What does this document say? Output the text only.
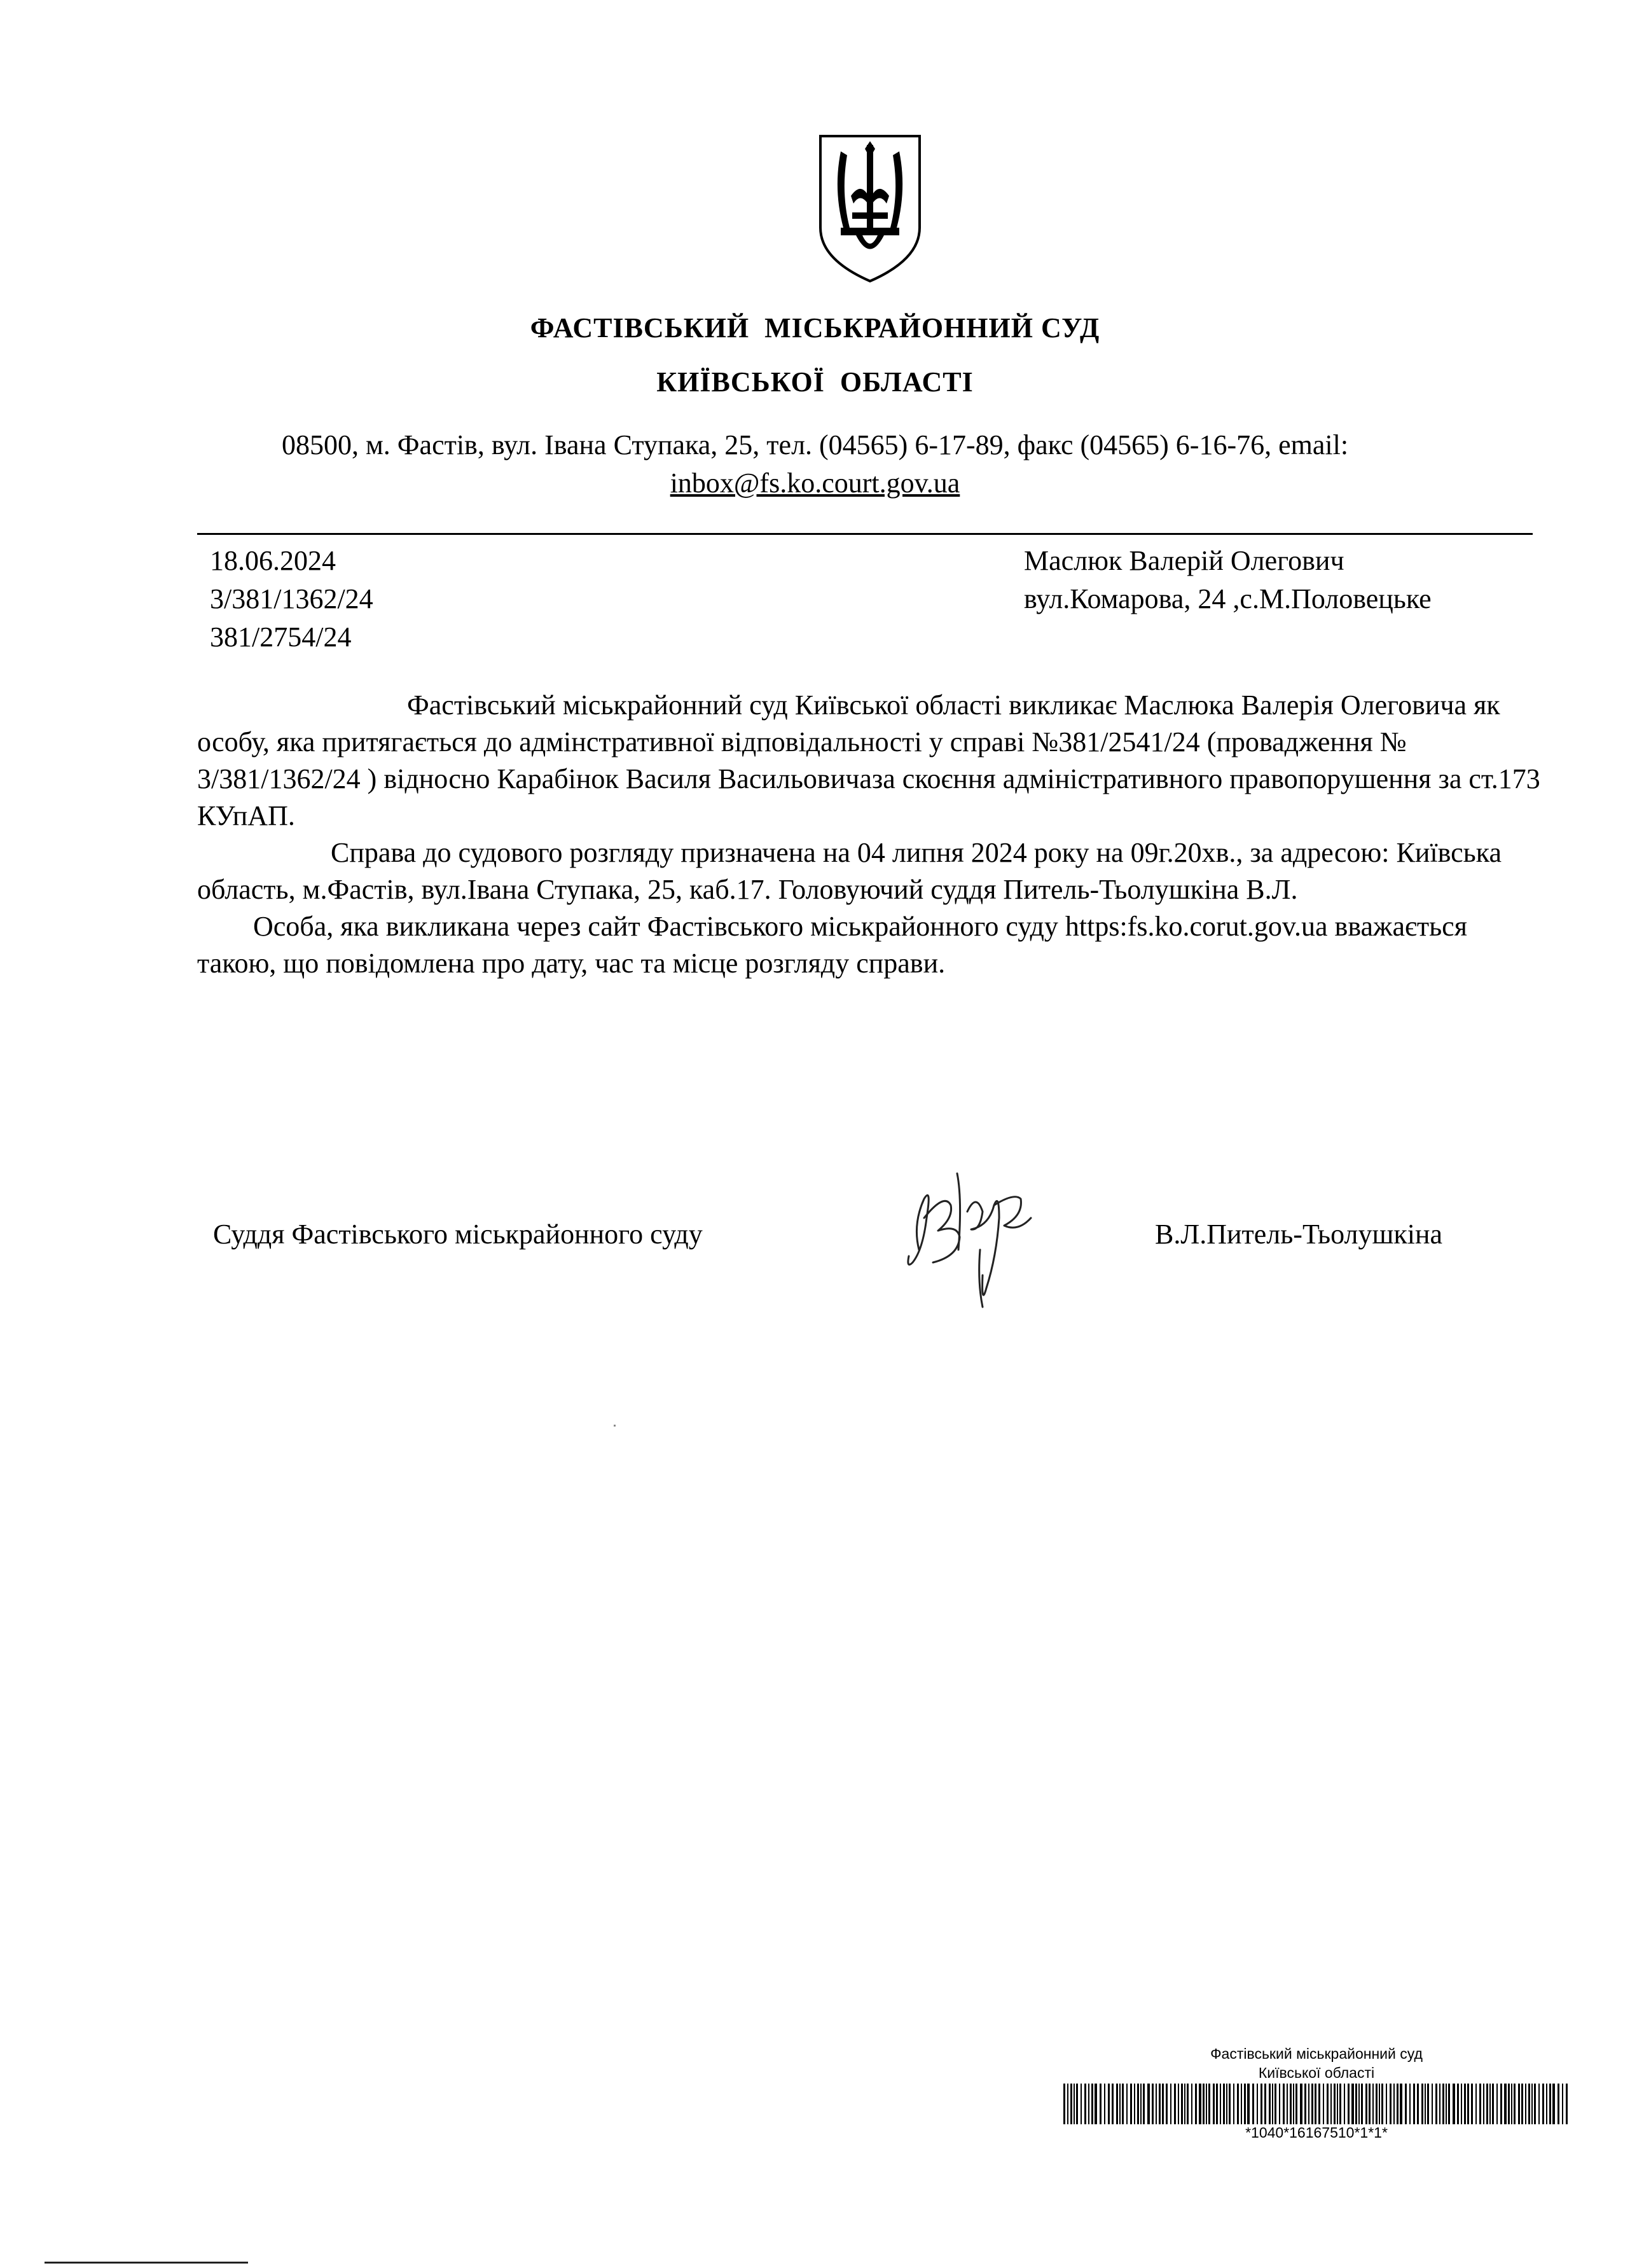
ФАСТІВСЬКИЙ  МІСЬКРАЙОННИЙ СУД
КИЇВСЬКОЇ  ОБЛАСТІ
08500, м. Фастів, вул. Івана Ступака, 25, тел. (04565) 6-17-89, факс (04565) 6-16-76, email:
inbox@fs.ko.court.gov.ua
18.06.2024
3/381/1362/24
381/2754/24
Маслюк Валерій Олегович
вул.Комарова, 24 ,с.М.Половецьке

Фастівський міськрайонний суд Київської області викликає Маслюка Валерія Олеговича як особу, яка притягається до адмінстративної відповідальності у справі №381/2541/24 (провадження № 3/381/1362/24 ) відносно Карабінок Василя Васильовичаза скоєння адміністративного правопорушення за ст.173 КУпАП.

Справа до судового розгляду призначена на 04 липня 2024 року на 09г.20хв., за адресою: Київська область, м.Фастів, вул.Івана Ступака, 25, каб.17. Головуючий суддя Питель-Тьолушкіна В.Л.

Особа, яка викликана через сайт Фастівського міськрайонного суду https:fs.ko.corut.gov.ua вважається такою, що повідомлена про дату, час та місце розгляду справи.

Суддя Фастівського міськрайонного суду	В.Л.Питель-Тьолушкіна
Фастівський міськрайонний суд
Київської області
*1040*16167510*1*1*
